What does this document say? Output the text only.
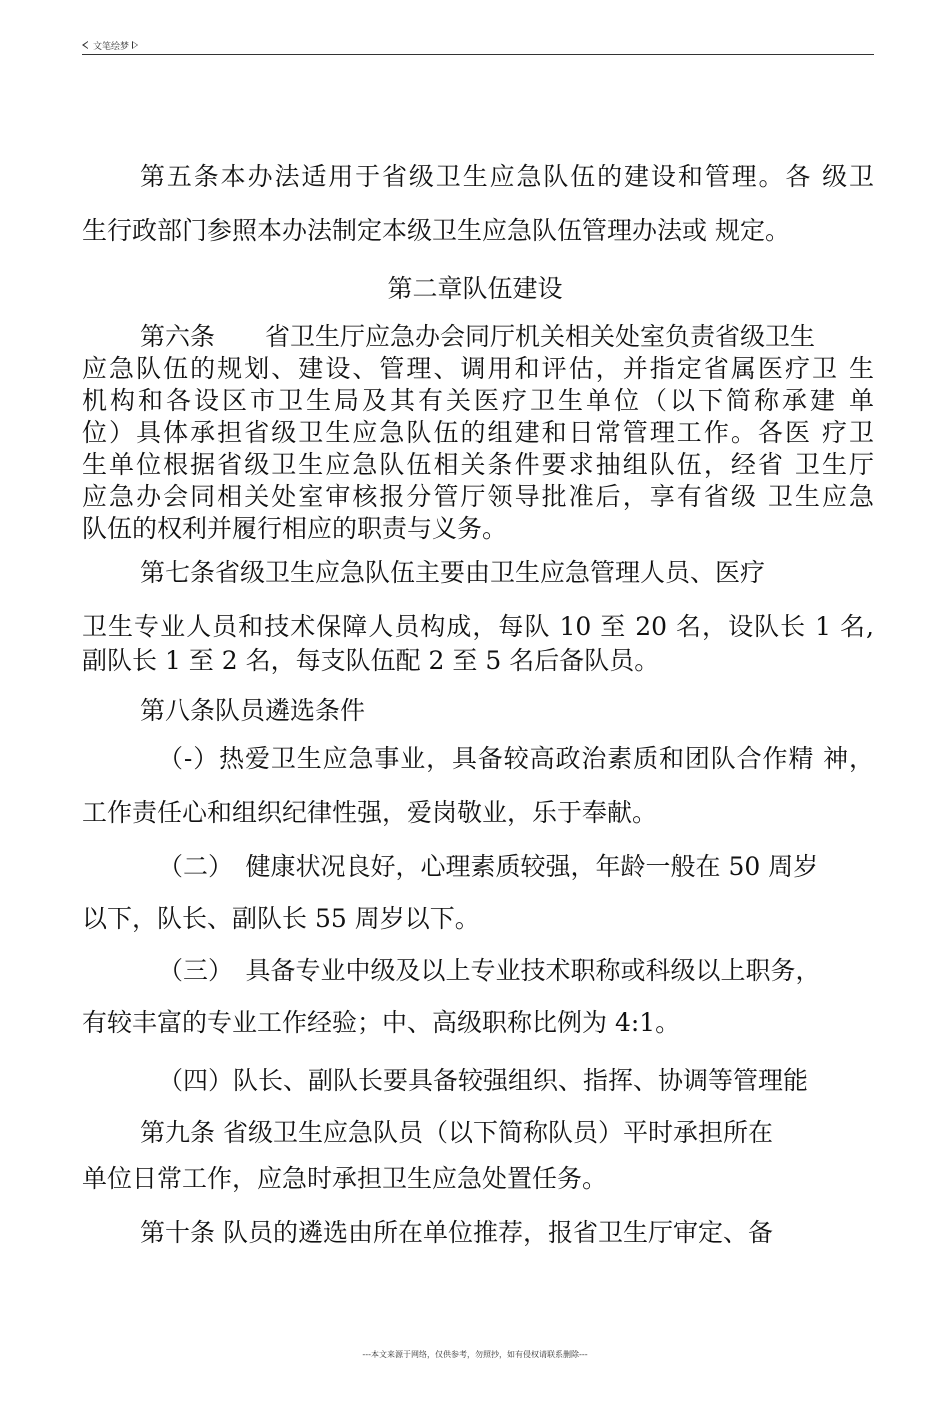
文笔绘梦

第五条本办法适用于省级卫生应急队伍的建设和管理。各 级卫

生行政部门参照本办法制定本级卫生应急队伍管理办法或 规定。

第二章队伍建设

第六条　　省卫生厅应急办会同厅机关相关处室负责省级卫生

应急队伍的规划、建设、管理、调用和评估，并指定省属医疗卫 生

机构和各设区市卫生局及其有关医疗卫生单位（以下简称承建 单

位）具体承担省级卫生应急队伍的组建和日常管理工作。各医 疗卫

生单位根据省级卫生应急队伍相关条件要求抽组队伍，经省 卫生厅

应急办会同相关处室审核报分管厅领导批准后，享有省级 卫生应急

队伍的权利并履行相应的职责与义务。

第七条省级卫生应急队伍主要由卫生应急管理人员、医疗

卫生专业人员和技术保障人员构成，每队 10 至 20 名，设队长 1 名,

副队长 1 至 2 名，每支队伍配 2 至 5 名后备队员。

第八条队员遴选条件

（-）热爱卫生应急事业，具备较高政治素质和团队合作精 神，

工作责任心和组织纪律性强，爱岗敬业，乐于奉献。

（二）　健康状况良好，心理素质较强，年龄一般在 50 周岁

以下，队长、副队长 55 周岁以下。

（三）　具备专业中级及以上专业技术职称或科级以上职务，

有较丰富的专业工作经验；中、高级职称比例为 4:1。

（四）队长、副队长要具备较强组织、指挥、协调等管理能

第九条 省级卫生应急队员（以下简称队员）平时承担所在

单位日常工作，应急时承担卫生应急处置任务。

第十条 队员的遴选由所在单位推荐，报省卫生厅审定、备

---本文来源于网络，仅供参考，勿照抄，如有侵权请联系删除---
